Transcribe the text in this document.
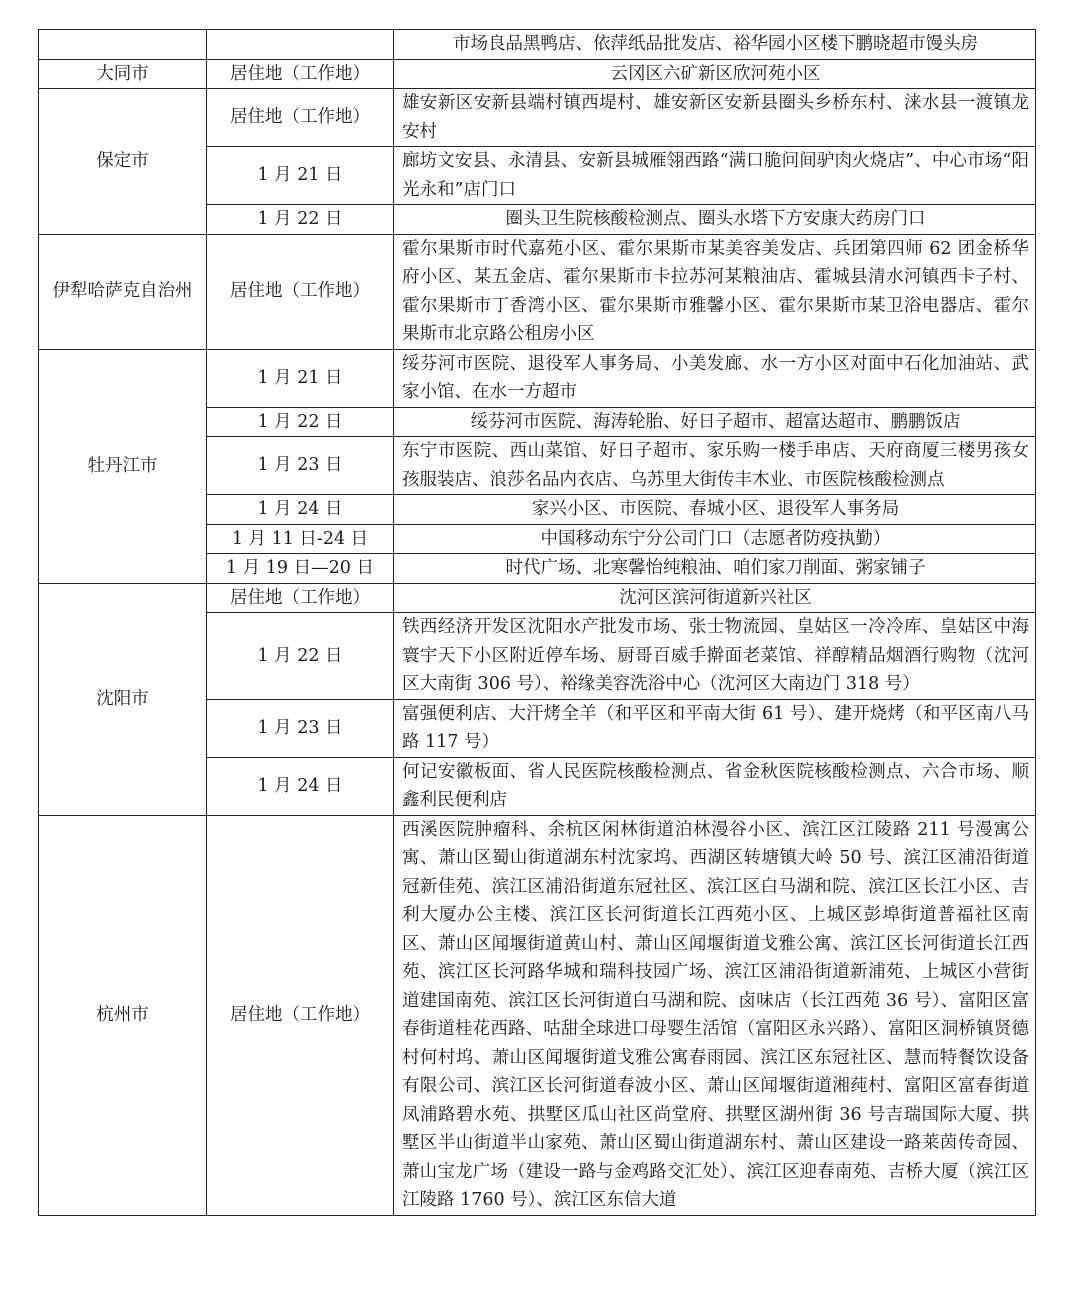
		市场良品黑鸭店、依萍纸品批发店、裕华园小区楼下鹏晓超市馒头房
大同市	居住地（工作地）	云冈区六矿新区欣河苑小区
保定市	居住地（工作地）	雄安新区安新县端村镇西堤村、雄安新区安新县圈头乡桥东村、涞水县一渡镇龙安村
	1 月 21 日	廊坊文安县、永清县、安新县城雁翎西路“满口脆问间驴肉火烧店”、中心市场“阳光永和”店门口
	1 月 22 日	圈头卫生院核酸检测点、圈头水塔下方安康大药房门口
伊犁哈萨克自治州	居住地（工作地）	霍尔果斯市时代嘉苑小区、霍尔果斯市某美容美发店、兵团第四师 62 团金桥华府小区、某五金店、霍尔果斯市卡拉苏河某粮油店、霍城县清水河镇西卡子村、霍尔果斯市丁香湾小区、霍尔果斯市雅馨小区、霍尔果斯市某卫浴电器店、霍尔果斯市北京路公租房小区
牡丹江市	1 月 21 日	绥芬河市医院、退役军人事务局、小美发廊、水一方小区对面中石化加油站、武家小馆、在水一方超市
	1 月 22 日	绥芬河市医院、海涛轮胎、好日子超市、超富达超市、鹏鹏饭店
	1 月 23 日	东宁市医院、西山菜馆、好日子超市、家乐购一楼手串店、天府商厦三楼男孩女孩服装店、浪莎名品内衣店、乌苏里大街传丰木业、市医院核酸检测点
	1 月 24 日	家兴小区、市医院、春城小区、退役军人事务局
	1 月 11 日-24 日	中国移动东宁分公司门口（志愿者防疫执勤）
	1 月 19 日—20 日	时代广场、北寒馨怡纯粮油、咱们家刀削面、粥家铺子
沈阳市	居住地（工作地）	沈河区滨河街道新兴社区
	1 月 22 日	铁西经济开发区沈阳水产批发市场、张士物流园、皇姑区一冷冷库、皇姑区中海寰宇天下小区附近停车场、厨哥百威手擀面老菜馆、祥醇精品烟酒行购物（沈河区大南街 306 号）、裕缘美容洗浴中心（沈河区大南边门 318 号）
	1 月 23 日	富强便利店、大汗烤全羊（和平区和平南大街 61 号）、建开烧烤（和平区南八马路 117 号）
	1 月 24 日	何记安徽板面、省人民医院核酸检测点、省金秋医院核酸检测点、六合市场、顺鑫利民便利店
杭州市	居住地（工作地）	西溪医院肿瘤科、余杭区闲林街道泊林漫谷小区、滨江区江陵路 211 号漫寓公寓、萧山区蜀山街道湖东村沈家坞、西湖区转塘镇大岭 50 号、滨江区浦沿街道冠新佳苑、滨江区浦沿街道东冠社区、滨江区白马湖和院、滨江区长江小区、吉利大厦办公主楼、滨江区长河街道长江西苑小区、上城区彭埠街道普福社区南区、萧山区闻堰街道黄山村、萧山区闻堰街道戈雅公寓、滨江区长河街道长江西苑、滨江区长河路华城和瑞科技园广场、滨江区浦沿街道新浦苑、上城区小营街道建国南苑、滨江区长河街道白马湖和院、卤味店（长江西苑 36 号）、富阳区富春街道桂花西路、咕甜全球进口母婴生活馆（富阳区永兴路）、富阳区洞桥镇贤德村何村坞、萧山区闻堰街道戈雅公寓春雨园、滨江区东冠社区、慧而特餐饮设备有限公司、滨江区长河街道春波小区、萧山区闻堰街道湘莼村、富阳区富春街道凤浦路碧水苑、拱墅区瓜山社区尚堂府、拱墅区湖州街 36 号吉瑞国际大厦、拱墅区半山街道半山家苑、萧山区蜀山街道湖东村、萧山区建设一路莱茵传奇园、萧山宝龙广场（建设一路与金鸡路交汇处）、滨江区迎春南苑、吉桥大厦（滨江区江陵路 1760 号）、滨江区东信大道
